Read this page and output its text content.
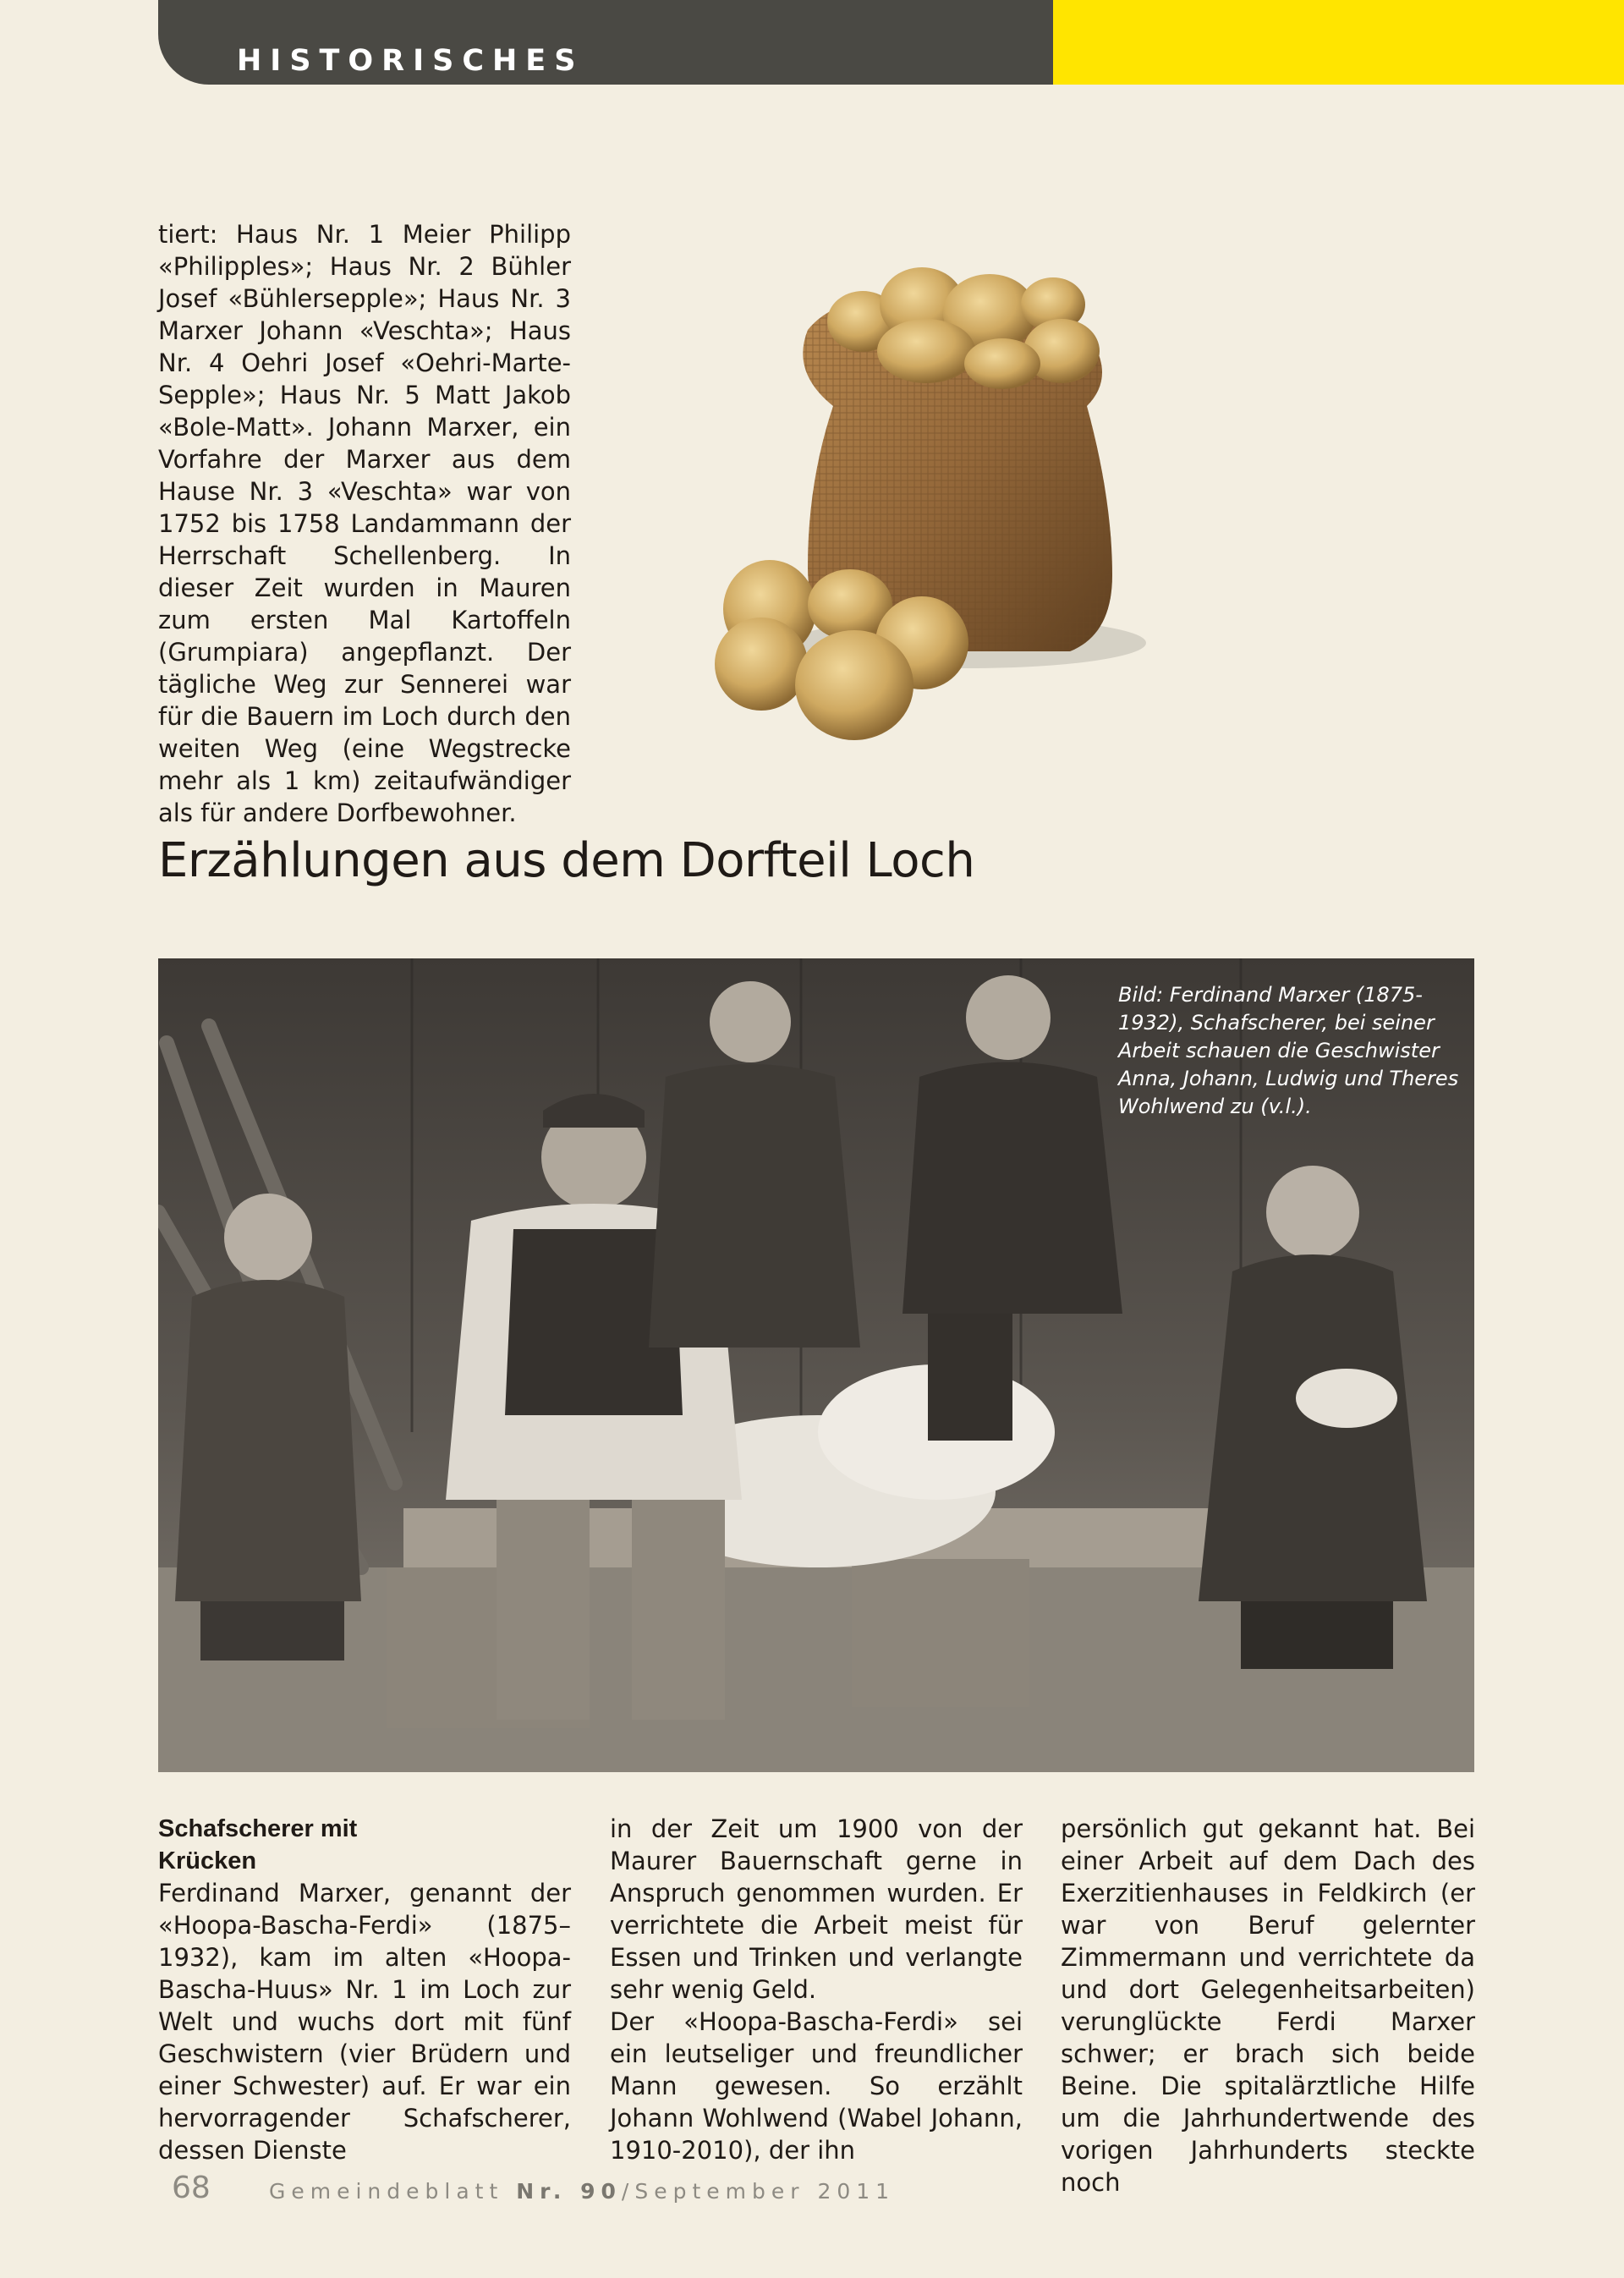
HISTORISCHES
tiert: Haus Nr. 1 Meier Philipp «Philipples»; Haus Nr. 2 Bühler Josef «Bühlersepple»; Haus Nr. 3 Marxer Johann «Veschta»; Haus Nr. 4 Oehri Josef «Oehri-Marte-Sepple»; Haus Nr. 5 Matt Jakob «Bole-Matt». Johann Marxer, ein Vorfahre der Marxer aus dem Hause Nr. 3 «Veschta» war von 1752 bis 1758 Landammann der Herrschaft Schellenberg. In dieser Zeit wurden in Mauren zum ersten Mal Kartoffeln (Grumpiara) angepflanzt. Der tägliche Weg zur Sennerei war für die Bauern im Loch durch den weiten Weg (eine Wegstrecke mehr als 1 km) zeitaufwändiger als für andere Dorfbewohner.
Erzählungen aus dem Dorfteil Loch
Bild: Ferdinand Marxer (1875-1932), Schafscherer, bei seiner Arbeit schauen die Geschwister Anna, Johann, Ludwig und Theres Wohlwend zu (v.l.).
Schafscherer mit
Krücken
Ferdinand Marxer, genannt der «Hoopa-Bascha-Ferdi» (1875–1932), kam im alten «Hoopa-Bascha-Huus» Nr. 1 im Loch zur Welt und wuchs dort mit fünf Geschwistern (vier Brüdern und einer Schwester) auf. Er war ein hervorragender Schafscherer, dessen Dienste
in der Zeit um 1900 von der Maurer Bauernschaft gerne in Anspruch genommen wurden. Er verrichtete die Arbeit meist für Essen und Trinken und verlangte sehr wenig Geld.
Der «Hoopa-Bascha-Ferdi» sei ein leutseliger und freundlicher Mann gewesen. So erzählt Johann Wohlwend (Wabel Johann, 1910-2010), der ihn
persönlich gut gekannt hat. Bei einer Arbeit auf dem Dach des Exerzitienhauses in Feldkirch (er war von Beruf gelernter Zimmermann und verrichtete da und dort Gelegenheitsarbeiten) verunglückte Ferdi Marxer schwer; er brach sich beide Beine. Die spitalärztliche Hilfe um die Jahrhundertwende des vorigen Jahrhunderts steckte noch
68	Gemeindeblatt Nr. 90/September 2011
